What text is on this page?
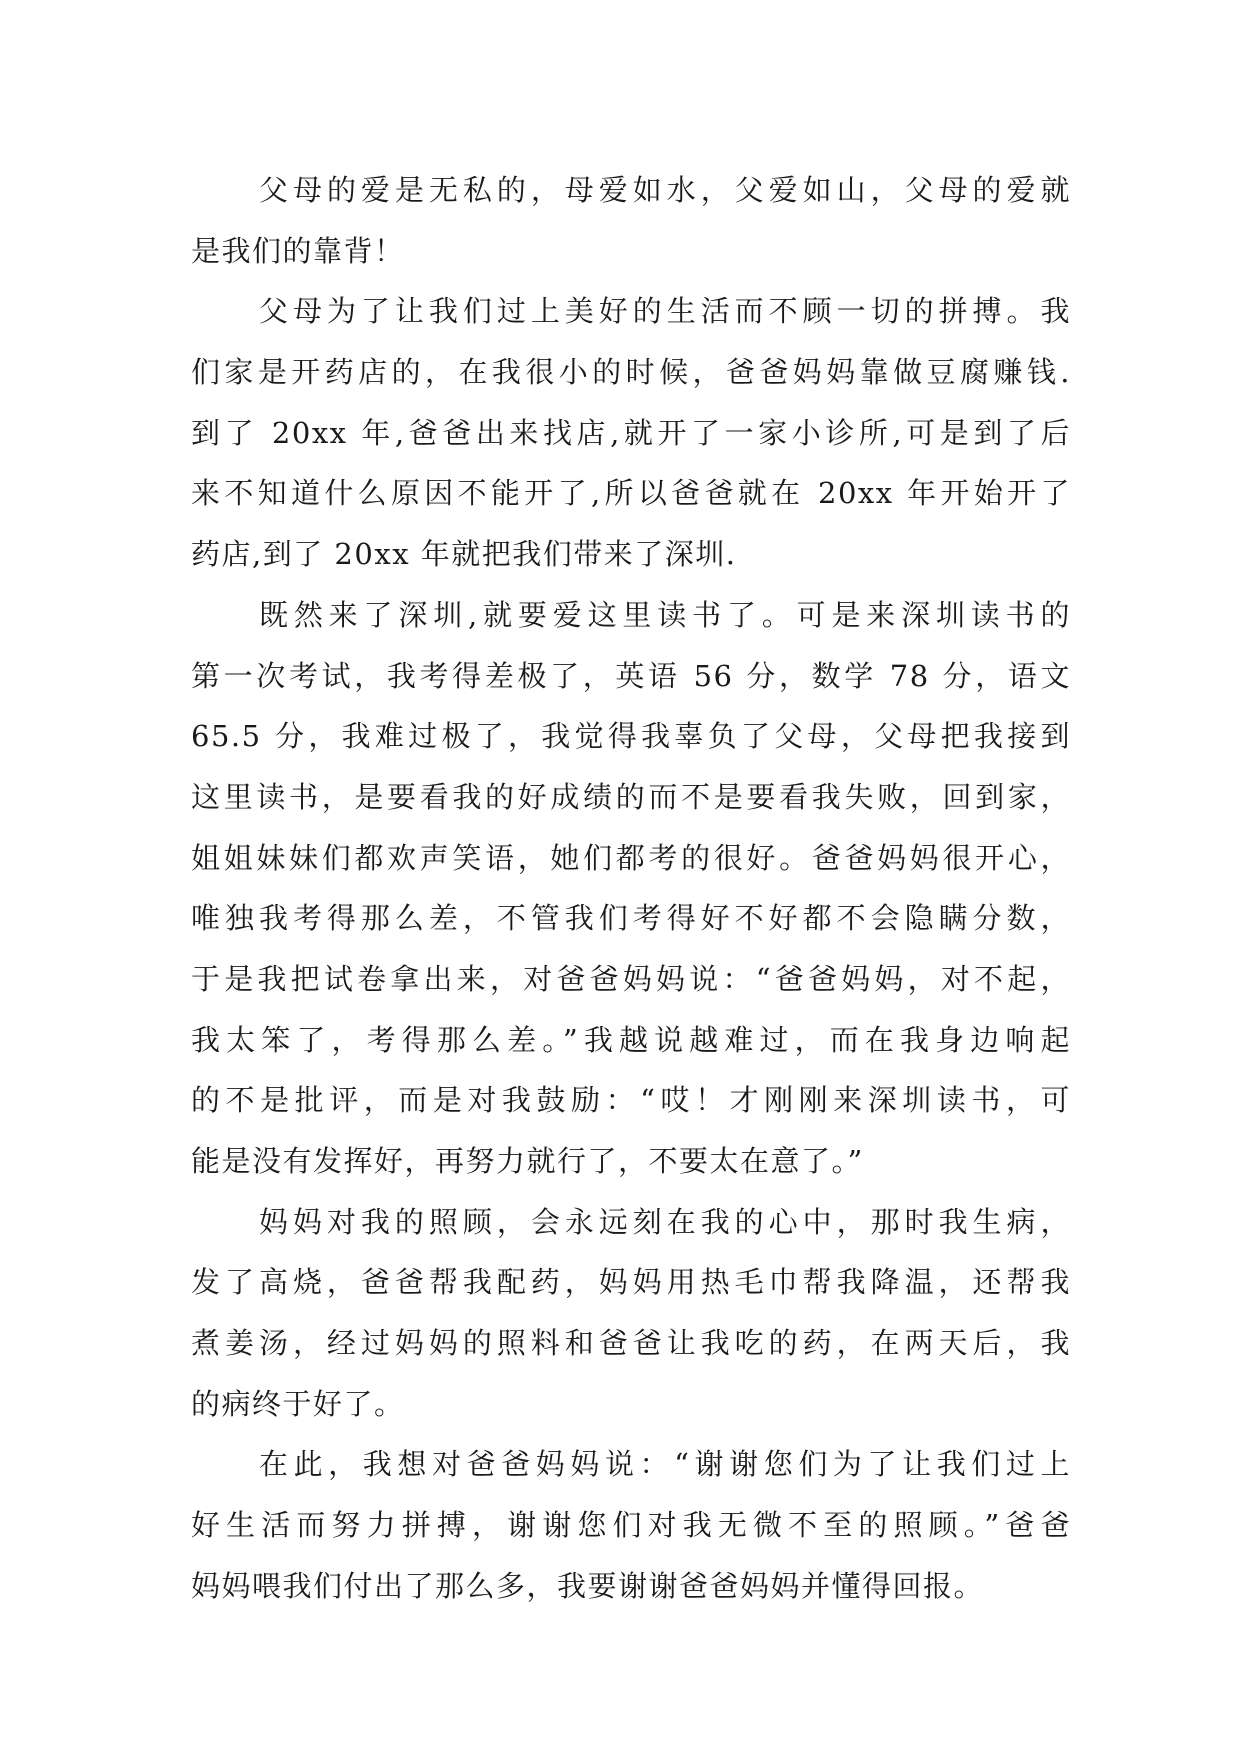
父母的爱是无私的，母爱如水，父爱如山，父母的爱就
是我们的靠背！
父母为了让我们过上美好的生活而不顾一切的拼搏。我
们家是开药店的，在我很小的时候，爸爸妈妈靠做豆腐赚钱.
到了 20xx 年,爸爸出来找店,就开了一家小诊所,可是到了后
来不知道什么原因不能开了,所以爸爸就在 20xx 年开始开了
药店,到了 20xx 年就把我们带来了深圳.
既然来了深圳,就要爱这里读书了。可是来深圳读书的
第一次考试，我考得差极了，英语 56 分，数学 78 分，语文
65.5 分，我难过极了，我觉得我辜负了父母，父母把我接到
这里读书，是要看我的好成绩的而不是要看我失败，回到家，
姐姐妹妹们都欢声笑语，她们都考的很好。爸爸妈妈很开心，
唯独我考得那么差，不管我们考得好不好都不会隐瞒分数，
于是我把试卷拿出来，对爸爸妈妈说：“爸爸妈妈，对不起，
我太笨了，考得那么差。”我越说越难过，而在我身边响起
的不是批评，而是对我鼓励：“哎！才刚刚来深圳读书，可
能是没有发挥好，再努力就行了，不要太在意了。”
妈妈对我的照顾，会永远刻在我的心中，那时我生病，
发了高烧，爸爸帮我配药，妈妈用热毛巾帮我降温，还帮我
煮姜汤，经过妈妈的照料和爸爸让我吃的药，在两天后，我
的病终于好了。
在此，我想对爸爸妈妈说：“谢谢您们为了让我们过上
好生活而努力拼搏，谢谢您们对我无微不至的照顾。”爸爸
妈妈喂我们付出了那么多，我要谢谢爸爸妈妈并懂得回报。
